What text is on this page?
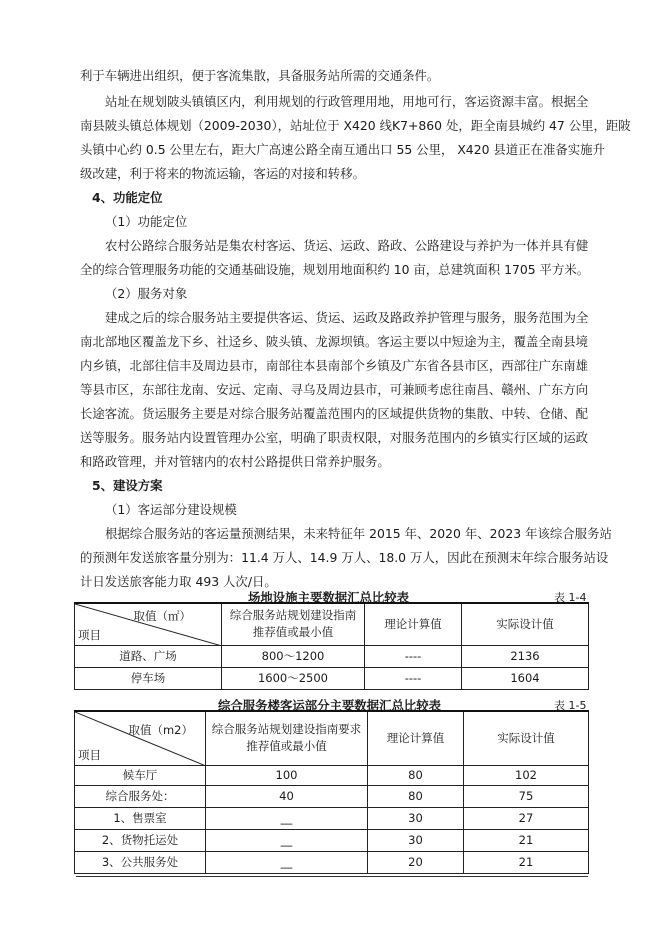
利于车辆进出组织，便于客流集散，具备服务站所需的交通条件。
站址在规划陂头镇镇区内，利用规划的行政管理用地，用地可行，客运资源丰富。根据全
南县陂头镇总体规划（2009-2030），站址位于 X420 线K7+860 处，距全南县城约 47 公里，距陂
头镇中心约 0.5 公里左右，距大广高速公路全南互通出口 55 公里， X420 县道正在准备实施升
级改建，利于将来的物流运输，客运的对接和转移。
4、功能定位
（1）功能定位
农村公路综合服务站是集农村客运、货运、运政、路政、公路建设与养护为一体并具有健
全的综合管理服务功能的交通基础设施，规划用地面积约 10 亩，总建筑面积 1705 平方米。
（2）服务对象
建成之后的综合服务站主要提供客运、货运、运政及路政养护管理与服务，服务范围为全
南北部地区覆盖龙下乡、社迳乡、陂头镇、龙源坝镇。客运主要以中短途为主，覆盖全南县境
内乡镇，北部往信丰及周边县市，南部往本县南部个乡镇及广东省各县市区，西部往广东南雄
等县市区，东部往龙南、安远、定南、寻乌及周边县市，可兼顾考虑往南昌、赣州、广东方向
长途客流。货运服务主要是对综合服务站覆盖范围内的区域提供货物的集散、中转、仓储、配
送等服务。服务站内设置管理办公室，明确了职责权限，对服务范围内的乡镇实行区域的运政
和路政管理，并对管辖内的农村公路提供日常养护服务。
5、建设方案
（1）客运部分建设规模
根据综合服务站的客运量预测结果，未来特征年 2015 年、2020 年、2023 年该综合服务站
的预测年发送旅客量分别为：11.4 万人、14.9 万人、18.0 万人，因此在预测末年综合服务站设
计日发送旅客能力取 493 人次/日。
场地设施主要数据汇总比较表	表 1-4
取值（㎡）
项目	综合服务站规划建设指南
推荐值或最小值	理论计算值	实际设计值
道路、广场	800～1200	----	2136
停车场	1600～2500	----	1604
综合服务楼客运部分主要数据汇总比较表	表 1-5
取值（m2）
项目	综合服务站规划建设指南要求
推荐值或最小值	理论计算值	实际设计值
候车厅	100	80	102
综合服务处：	40	80	75
1、售票室	__	30	27
2、货物托运处	__	30	21
3、公共服务处	__	20	21
